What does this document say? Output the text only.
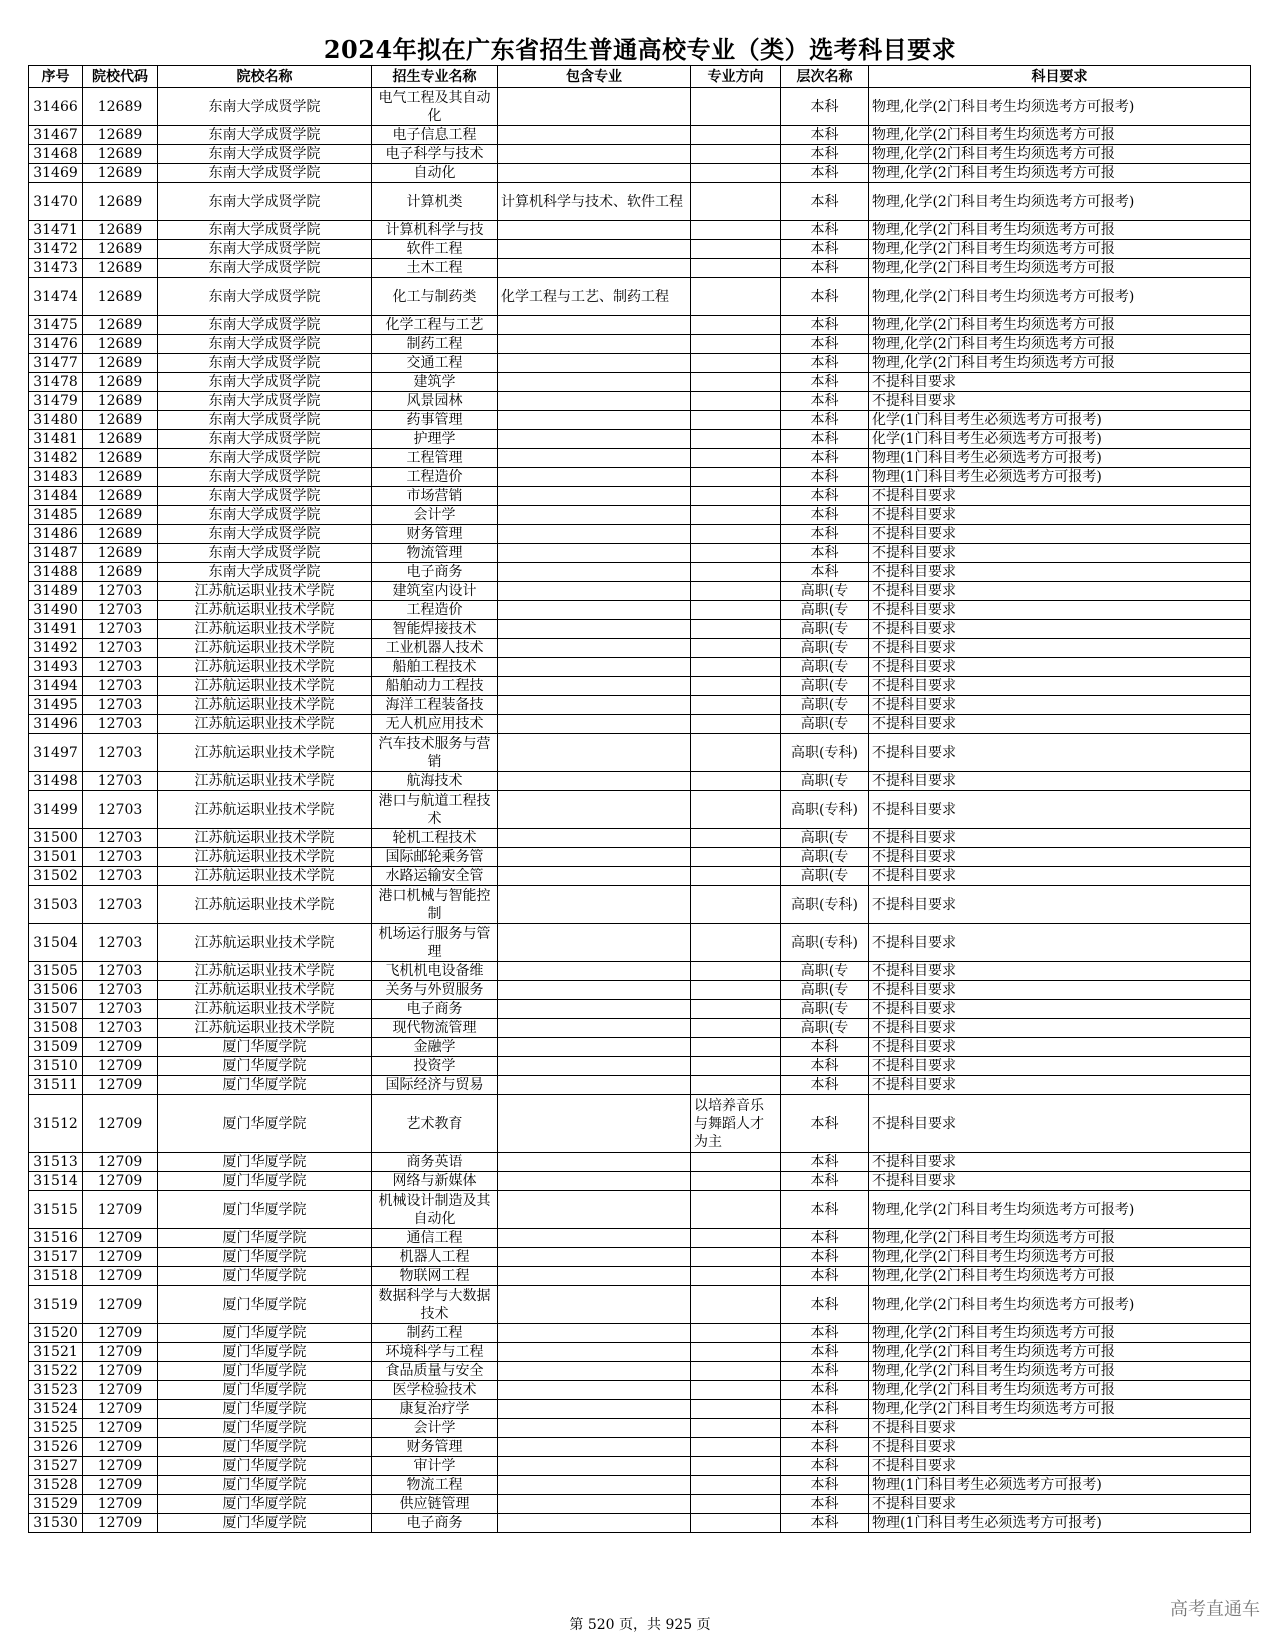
2024年拟在广东省招生普通高校专业（类）选考科目要求
序号	院校代码	院校名称	招生专业名称	包含专业	专业方向	层次名称	科目要求
31466	12689	东南大学成贤学院	电气工程及其自动化			本科	物理,化学(2门科目考生均须选考方可报考)
31467	12689	东南大学成贤学院	电子信息工程			本科	物理,化学(2门科目考生均须选考方可报
31468	12689	东南大学成贤学院	电子科学与技术			本科	物理,化学(2门科目考生均须选考方可报
31469	12689	东南大学成贤学院	自动化			本科	物理,化学(2门科目考生均须选考方可报
31470	12689	东南大学成贤学院	计算机类	计算机科学与技术、软件工程		本科	物理,化学(2门科目考生均须选考方可报考)
31471	12689	东南大学成贤学院	计算机科学与技			本科	物理,化学(2门科目考生均须选考方可报
31472	12689	东南大学成贤学院	软件工程			本科	物理,化学(2门科目考生均须选考方可报
31473	12689	东南大学成贤学院	土木工程			本科	物理,化学(2门科目考生均须选考方可报
31474	12689	东南大学成贤学院	化工与制药类	化学工程与工艺、制药工程		本科	物理,化学(2门科目考生均须选考方可报考)
31475	12689	东南大学成贤学院	化学工程与工艺			本科	物理,化学(2门科目考生均须选考方可报
31476	12689	东南大学成贤学院	制药工程			本科	物理,化学(2门科目考生均须选考方可报
31477	12689	东南大学成贤学院	交通工程			本科	物理,化学(2门科目考生均须选考方可报
31478	12689	东南大学成贤学院	建筑学			本科	不提科目要求
31479	12689	东南大学成贤学院	风景园林			本科	不提科目要求
31480	12689	东南大学成贤学院	药事管理			本科	化学(1门科目考生必须选考方可报考)
31481	12689	东南大学成贤学院	护理学			本科	化学(1门科目考生必须选考方可报考)
31482	12689	东南大学成贤学院	工程管理			本科	物理(1门科目考生必须选考方可报考)
31483	12689	东南大学成贤学院	工程造价			本科	物理(1门科目考生必须选考方可报考)
31484	12689	东南大学成贤学院	市场营销			本科	不提科目要求
31485	12689	东南大学成贤学院	会计学			本科	不提科目要求
31486	12689	东南大学成贤学院	财务管理			本科	不提科目要求
31487	12689	东南大学成贤学院	物流管理			本科	不提科目要求
31488	12689	东南大学成贤学院	电子商务			本科	不提科目要求
31489	12703	江苏航运职业技术学院	建筑室内设计			高职(专	不提科目要求
31490	12703	江苏航运职业技术学院	工程造价			高职(专	不提科目要求
31491	12703	江苏航运职业技术学院	智能焊接技术			高职(专	不提科目要求
31492	12703	江苏航运职业技术学院	工业机器人技术			高职(专	不提科目要求
31493	12703	江苏航运职业技术学院	船舶工程技术			高职(专	不提科目要求
31494	12703	江苏航运职业技术学院	船舶动力工程技			高职(专	不提科目要求
31495	12703	江苏航运职业技术学院	海洋工程装备技			高职(专	不提科目要求
31496	12703	江苏航运职业技术学院	无人机应用技术			高职(专	不提科目要求
31497	12703	江苏航运职业技术学院	汽车技术服务与营销			高职(专科)	不提科目要求
31498	12703	江苏航运职业技术学院	航海技术			高职(专	不提科目要求
31499	12703	江苏航运职业技术学院	港口与航道工程技术			高职(专科)	不提科目要求
31500	12703	江苏航运职业技术学院	轮机工程技术			高职(专	不提科目要求
31501	12703	江苏航运职业技术学院	国际邮轮乘务管			高职(专	不提科目要求
31502	12703	江苏航运职业技术学院	水路运输安全管			高职(专	不提科目要求
31503	12703	江苏航运职业技术学院	港口机械与智能控制			高职(专科)	不提科目要求
31504	12703	江苏航运职业技术学院	机场运行服务与管理			高职(专科)	不提科目要求
31505	12703	江苏航运职业技术学院	飞机机电设备维			高职(专	不提科目要求
31506	12703	江苏航运职业技术学院	关务与外贸服务			高职(专	不提科目要求
31507	12703	江苏航运职业技术学院	电子商务			高职(专	不提科目要求
31508	12703	江苏航运职业技术学院	现代物流管理			高职(专	不提科目要求
31509	12709	厦门华厦学院	金融学			本科	不提科目要求
31510	12709	厦门华厦学院	投资学			本科	不提科目要求
31511	12709	厦门华厦学院	国际经济与贸易			本科	不提科目要求
31512	12709	厦门华厦学院	艺术教育		以培养音乐与舞蹈人才为主	本科	不提科目要求
31513	12709	厦门华厦学院	商务英语			本科	不提科目要求
31514	12709	厦门华厦学院	网络与新媒体			本科	不提科目要求
31515	12709	厦门华厦学院	机械设计制造及其自动化			本科	物理,化学(2门科目考生均须选考方可报考)
31516	12709	厦门华厦学院	通信工程			本科	物理,化学(2门科目考生均须选考方可报
31517	12709	厦门华厦学院	机器人工程			本科	物理,化学(2门科目考生均须选考方可报
31518	12709	厦门华厦学院	物联网工程			本科	物理,化学(2门科目考生均须选考方可报
31519	12709	厦门华厦学院	数据科学与大数据技术			本科	物理,化学(2门科目考生均须选考方可报考)
31520	12709	厦门华厦学院	制药工程			本科	物理,化学(2门科目考生均须选考方可报
31521	12709	厦门华厦学院	环境科学与工程			本科	物理,化学(2门科目考生均须选考方可报
31522	12709	厦门华厦学院	食品质量与安全			本科	物理,化学(2门科目考生均须选考方可报
31523	12709	厦门华厦学院	医学检验技术			本科	物理,化学(2门科目考生均须选考方可报
31524	12709	厦门华厦学院	康复治疗学			本科	物理,化学(2门科目考生均须选考方可报
31525	12709	厦门华厦学院	会计学			本科	不提科目要求
31526	12709	厦门华厦学院	财务管理			本科	不提科目要求
31527	12709	厦门华厦学院	审计学			本科	不提科目要求
31528	12709	厦门华厦学院	物流工程			本科	物理(1门科目考生必须选考方可报考)
31529	12709	厦门华厦学院	供应链管理			本科	不提科目要求
31530	12709	厦门华厦学院	电子商务			本科	物理(1门科目考生必须选考方可报考)
第 520 页，共 925 页
高考直通车
